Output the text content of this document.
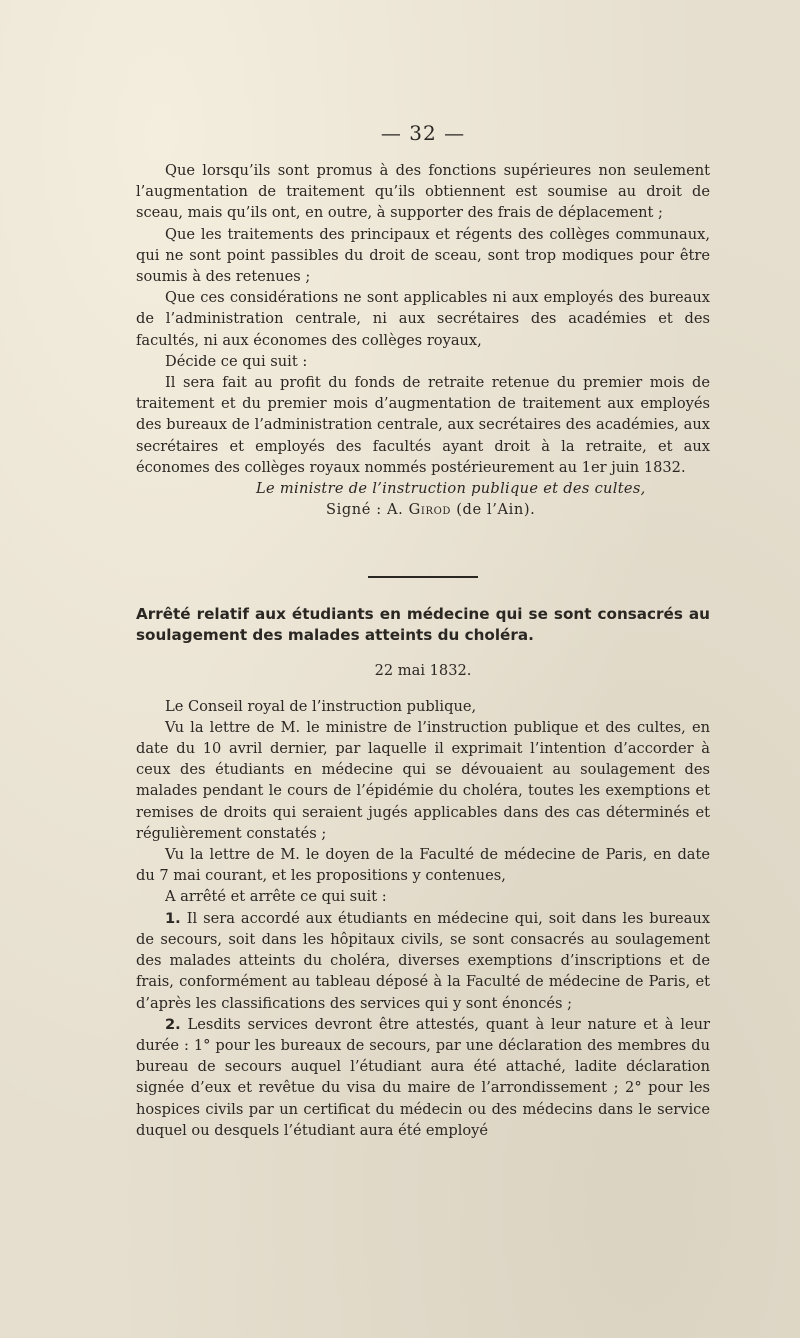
— 32 —

Que lorsqu’ils sont promus à des fonctions supérieures non seulement l’augmentation de traitement qu’ils obtiennent est soumise au droit de sceau, mais qu’ils ont, en outre, à supporter des frais de déplacement ;

Que les traitements des principaux et régents des collèges communaux, qui ne sont point passibles du droit de sceau, sont trop modiques pour être soumis à des retenues ;

Que ces considérations ne sont applicables ni aux employés des bureaux de l’administration centrale, ni aux secrétaires des académies et des facultés, ni aux économes des collèges royaux,

Décide ce qui suit :

Il sera fait au profit du fonds de retraite retenue du premier mois de traitement et du premier mois d’augmentation de traitement aux employés des bureaux de l’administration centrale, aux secrétaires des académies, aux secrétaires et employés des facultés ayant droit à la retraite, et aux économes des collèges royaux nommés postérieurement au 1er juin 1832.

Le ministre de l’instruction publique et des cultes,

Signé : A. Girod (de l’Ain).

Arrêté relatif aux étudiants en médecine qui se sont consacrés au soulagement des malades atteints du choléra.

22 mai 1832.

Le Conseil royal de l’instruction publique,

Vu la lettre de M. le ministre de l’instruction publique et des cultes, en date du 10 avril dernier, par laquelle il exprimait l’intention d’accorder à ceux des étudiants en médecine qui se dévouaient au soulagement des malades pendant le cours de l’épidémie du choléra, toutes les exemptions et remises de droits qui seraient jugés applicables dans des cas déterminés et régulièrement constatés ;

Vu la lettre de M. le doyen de la Faculté de médecine de Paris, en date du 7 mai courant, et les propositions y contenues,

A arrêté et arrête ce qui suit :

1. Il sera accordé aux étudiants en médecine qui, soit dans les bureaux de secours, soit dans les hôpitaux civils, se sont consacrés au soulagement des malades atteints du choléra, diverses exemptions d’inscriptions et de frais, conformément au tableau déposé à la Faculté de médecine de Paris, et d’après les classifications des services qui y sont énoncés ;

2. Lesdits services devront être attestés, quant à leur nature et à leur durée : 1° pour les bureaux de secours, par une déclaration des membres du bureau de secours auquel l’étudiant aura été attaché, ladite déclaration signée d’eux et revêtue du visa du maire de l’arrondissement ; 2° pour les hospices civils par un certificat du médecin ou des médecins dans le service duquel ou desquels l’étudiant aura été employé
